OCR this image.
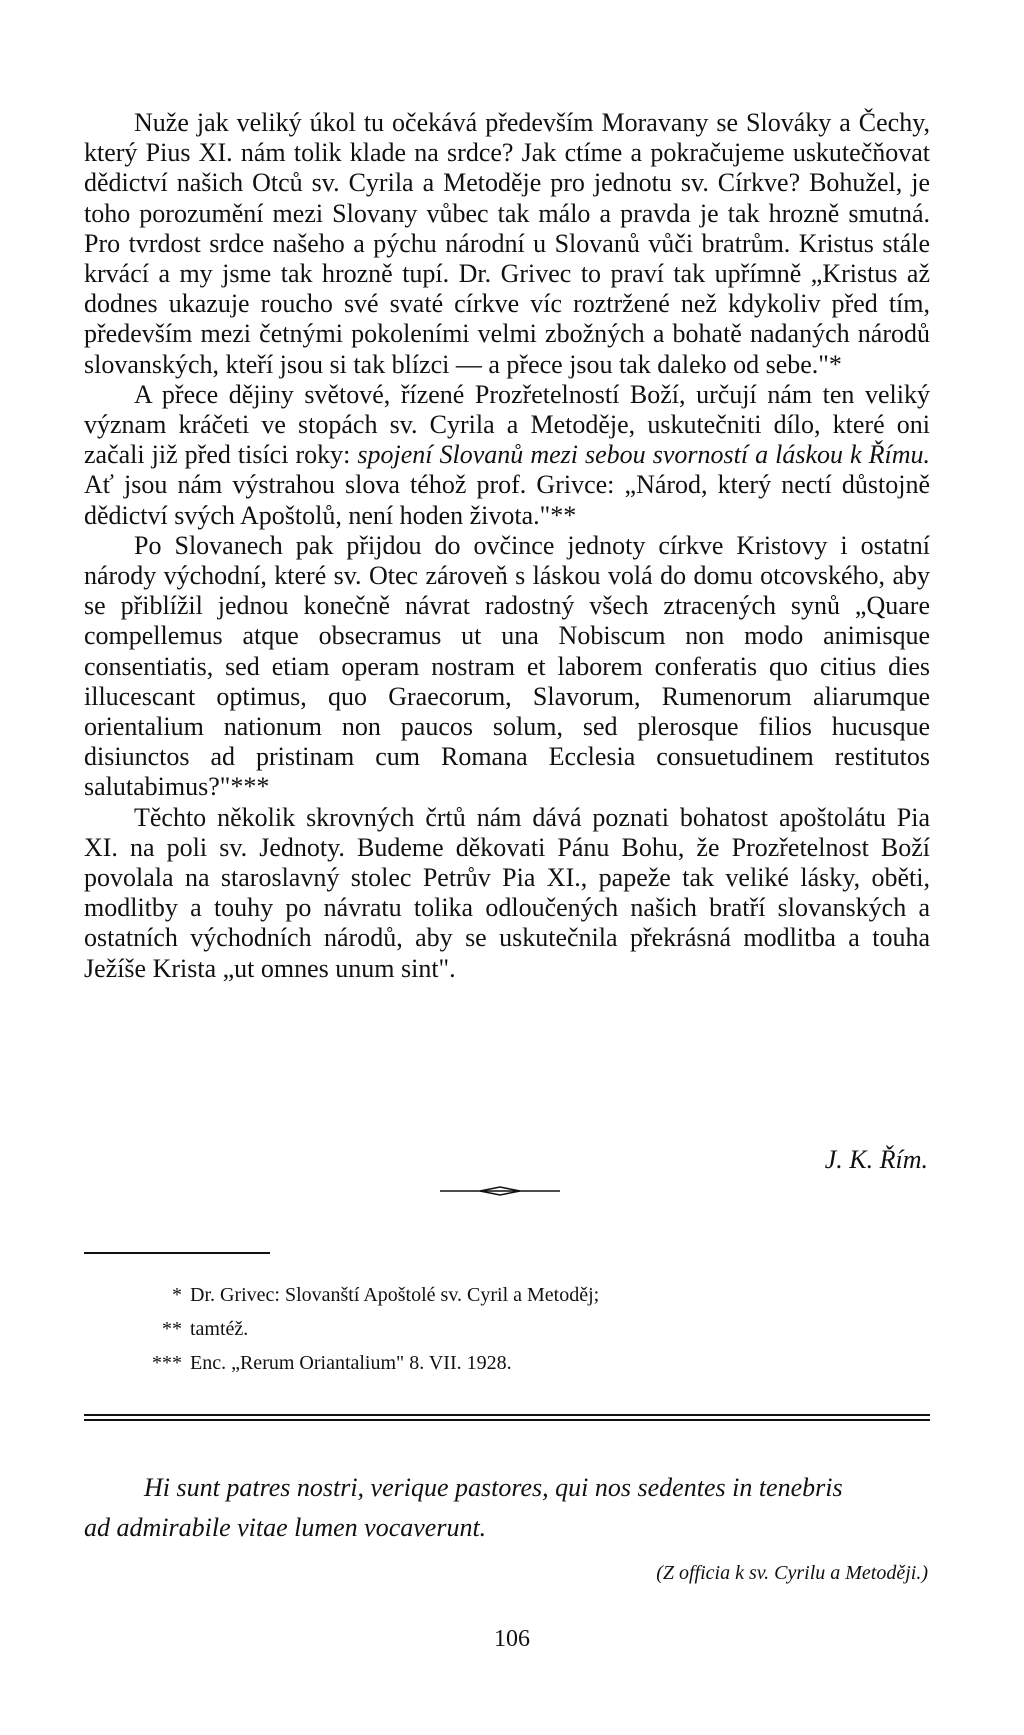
Nuže jak veliký úkol tu očekává především Moravany se Slováky a Čechy, který Pius XI. nám tolik klade na srdce? Jak ctíme a pokračujeme uskutečňovat dědictví našich Otců sv. Cyrila a Metoděje pro jednotu sv. Církve? Bohužel, je toho porozumění mezi Slovany vůbec tak málo a pravda je tak hrozně smutná. Pro tvrdost srdce našeho a pýchu národní u Slovanů vůči bratrům. Kristus stále krvácí a my jsme tak hrozně tupí. Dr. Grivec to praví tak upřímně „Kristus až dodnes ukazuje roucho své svaté církve víc roztržené než kdykoliv před tím, především mezi četnými pokoleními velmi zbožných a bohatě nadaných národů slovanských, kteří jsou si tak blízci — a přece jsou tak daleko od sebe."*

A přece dějiny světové, řízené Prozřetelností Boží, určují nám ten veliký význam kráčeti ve stopách sv. Cyrila a Metoděje, uskutečniti dílo, které oni začali již před tisíci roky: spojení Slovanů mezi sebou svorností a láskou k Římu. Ať jsou nám výstrahou slova téhož prof. Grivce: „Národ, který nectí důstojně dědictví svých Apoštolů, není hoden života."**

Po Slovanech pak přijdou do ovčince jednoty církve Kristovy i ostatní národy východní, které sv. Otec zároveň s láskou volá do domu otcovského, aby se přiblížil jednou konečně návrat radostný všech ztracených synů „Quare compellemus atque obsecramus ut una Nobiscum non modo animisque consentiatis, sed etiam operam nostram et laborem conferatis quo citius dies illucescant optimus, quo Graecorum, Slavorum, Rumenorum aliarumque orientalium nationum non paucos solum, sed plerosque filios hucusque disiunctos ad pristinam cum Romana Ecclesia consuetudinem restitutos salutabimus?"***

Těchto několik skrovných črtů nám dává poznati bohatost apoštolátu Pia XI. na poli sv. Jednoty. Budeme děkovati Pánu Bohu, že Prozřetelnost Boží povolala na staroslavný stolec Petrův Pia XI., papeže tak veliké lásky, oběti, modlitby a touhy po návratu tolika odloučených našich bratří slovanských a ostatních východních národů, aby se uskutečnila překrásná modlitba a touha Ježíše Krista „ut omnes unum sint".

J. K. Řím.
* Dr. Grivec: Slovanští Apoštolé sv. Cyril a Metoděj;
** tamtéž.
*** Enc. „Rerum Oriantalium" 8. VII. 1928.
Hi sunt patres nostri, verique pastores, qui nos sedentes in tenebris
ad admirabile vitae lumen vocaverunt.
(Z officia k sv. Cyrilu a Metoději.)
106
